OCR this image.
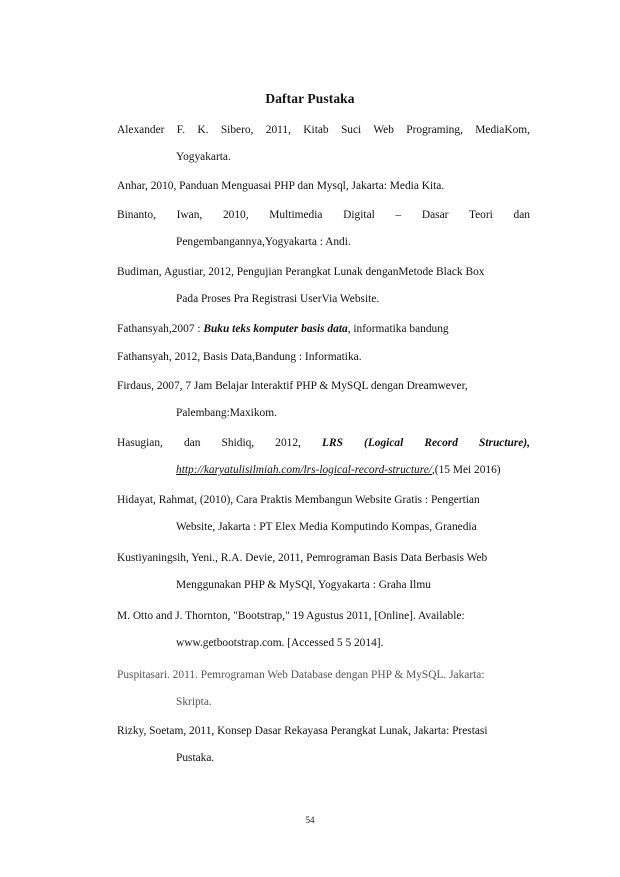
Daftar Pustaka
Alexander F. K. Sibero, 2011, Kitab Suci Web Programing, MediaKom,
Yogyakarta.
Anhar, 2010, Panduan Menguasai PHP dan Mysql, Jakarta: Media Kita.
Binanto, Iwan, 2010, Multimedia Digital – Dasar Teori dan
Pengembangannya,Yogyakarta : Andi.
Budiman, Agustiar, 2012, Pengujian Perangkat Lunak denganMetode Black Box
Pada Proses Pra Registrasi UserVia Website.
Fathansyah,2007 : Buku teks komputer basis data, informatika bandung
Fathansyah, 2012, Basis Data,Bandung : Informatika.
Firdaus, 2007, 7 Jam Belajar Interaktif PHP & MySQL dengan Dreamwever,
Palembang:Maxikom.
Hasugian, dan Shidiq, 2012, LRS (Logical Record Structure),
http://karyatulisilmiah.com/lrs-logical-record-structure/,(15 Mei 2016)
Hidayat, Rahmat, (2010), Cara Praktis Membangun Website Gratis : Pengertian
Website, Jakarta : PT Elex Media Komputindo Kompas, Granedia
Kustiyaningsih, Yeni., R.A. Devie, 2011, Pemrograman Basis Data Berbasis Web
Menggunakan PHP & MySQl, Yogyakarta : Graha Ilmu
M. Otto and J. Thornton, "Bootstrap," 19 Agustus 2011, [Online]. Available:
www.getbootstrap.com. [Accessed 5 5 2014].
Puspitasari. 2011. Pemrograman Web Database dengan PHP & MySQL. Jakarta:
Skripta.
Rizky, Soetam, 2011, Konsep Dasar Rekayasa Perangkat Lunak, Jakarta: Prestasi
Pustaka.
54
